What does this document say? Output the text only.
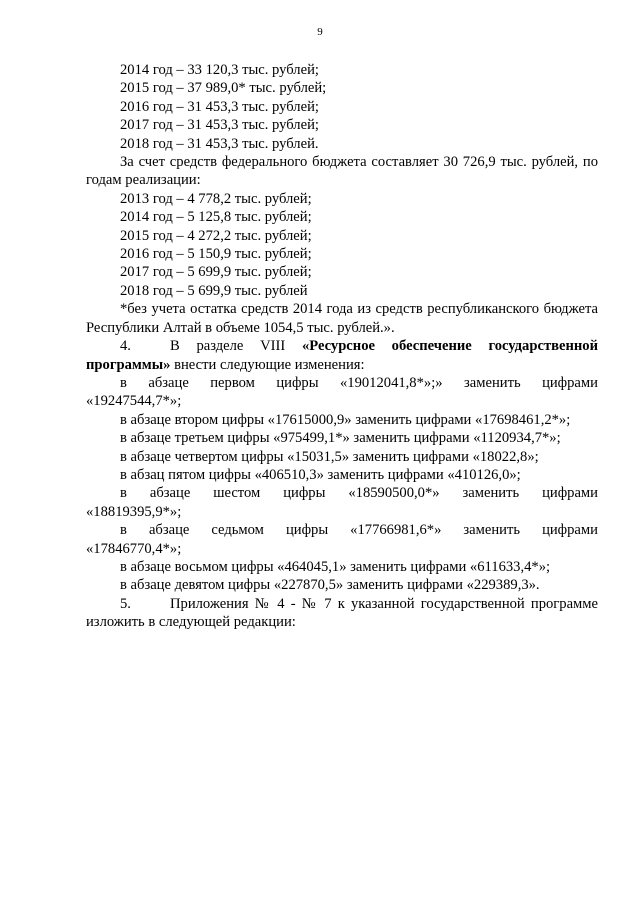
9

2014 год – 33 120,3 тыс. рублей;

2015 год – 37 989,0* тыс. рублей;

2016 год – 31 453,3 тыс. рублей;

2017 год – 31 453,3 тыс. рублей;

2018 год – 31 453,3 тыс. рублей.

За счет средств федерального бюджета составляет 30 726,9 тыс. рублей, по годам реализации:

2013 год – 4 778,2 тыс. рублей;

2014 год – 5 125,8 тыс. рублей;

2015 год – 4 272,2 тыс. рублей;

2016 год – 5 150,9 тыс. рублей;

2017 год – 5 699,9 тыс. рублей;

2018 год – 5 699,9 тыс. рублей

*без учета остатка средств 2014 года из средств республиканского бюджета Республики Алтай в объеме 1054,5 тыс. рублей.».

4.	В разделе VIII «Ресурсное обеспечение государственной программы» внести следующие изменения:

в абзаце первом цифры «19012041,8*»;» заменить цифрами

«19247544,7*»;

в абзаце втором цифры «17615000,9» заменить цифрами «17698461,2*»;

в абзаце третьем цифры «975499,1*» заменить цифрами «1120934,7*»;

в абзаце четвертом цифры «15031,5» заменить цифрами «18022,8»;

в абзац пятом цифры «406510,3» заменить цифрами «410126,0»;

в абзаце шестом цифры «18590500,0*» заменить цифрами

«18819395,9*»;

в абзаце седьмом цифры «17766981,6*» заменить цифрами

«17846770,4*»;

в абзаце восьмом цифры «464045,1» заменить цифрами «611633,4*»;

в абзаце девятом цифры «227870,5» заменить цифрами «229389,3».

5.	Приложения № 4 - № 7 к указанной государственной программе изложить в следующей редакции:
